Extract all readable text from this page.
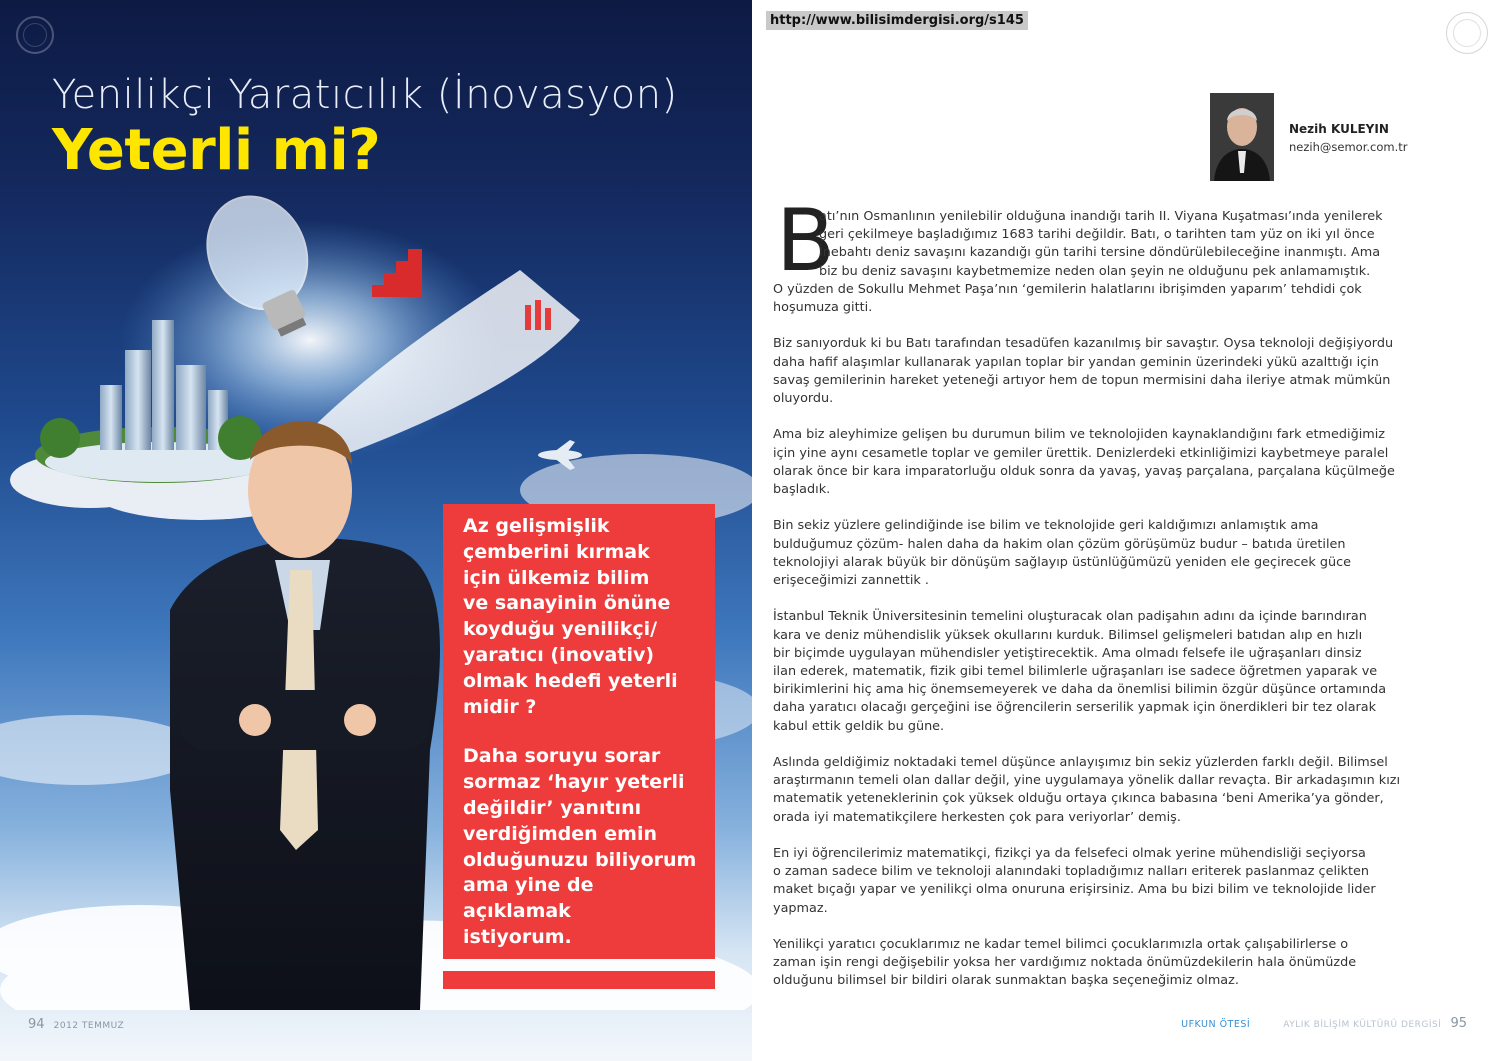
Yenilikçi Yaratıcılık (İnovasyon)
Yeterli mi?

Az gelişmişlik
çemberini kırmak
için ülkemiz bilim
ve sanayinin önüne
koyduğu yenilikçi/
yaratıcı (inovativ)
olmak hedefi yeterli
midir ?

Daha soruyu sorar
sormaz ‘hayır yeterli
değildir’ yanıtını
verdiğimden emin
olduğunuzu biliyorum
ama yine de açıklamak
istiyorum.

94 2012 TEMMUZ
http://www.bilisimdergisi.org/s145
Nezih KULEYIN
nezih@semor.com.tr
B

atı’nın Osmanlının yenilebilir olduğuna inandığı tarih II. Viyana Kuşatması’ında yenilerek
geri çekilmeye başladığımız 1683 tarihi değildir. Batı, o tarihten tam yüz on iki yıl önce
İnebahtı deniz savaşını kazandığı gün tarihi tersine döndürülebileceğine inanmıştı. Ama
biz bu deniz savaşını kaybetmemize neden olan şeyin ne olduğunu pek anlamamıştık.
O yüzden de Sokullu Mehmet Paşa’nın ‘gemilerin halatlarını ibrişimden yaparım’ tehdidi çok
hoşumuza gitti.

Biz sanıyorduk ki bu Batı tarafından tesadüfen kazanılmış bir savaştır. Oysa teknoloji değişiyordu
daha hafif alaşımlar kullanarak yapılan toplar bir yandan geminin üzerindeki yükü azalttığı için
savaş gemilerinin hareket yeteneği artıyor hem de topun mermisini daha ileriye atmak mümkün
oluyordu.

Ama biz aleyhimize gelişen bu durumun bilim ve teknolojiden kaynaklandığını fark etmediğimiz
için yine aynı cesametle toplar ve gemiler ürettik. Denizlerdeki etkinliğimizi kaybetmeye paralel
olarak önce bir kara imparatorluğu olduk sonra da yavaş, yavaş parçalana, parçalana küçülmeğe
başladık.

Bin sekiz yüzlere gelindiğinde ise bilim ve teknolojide geri kaldığımızı anlamıştık ama
bulduğumuz çözüm- halen daha da hakim olan çözüm görüşümüz budur – batıda üretilen
teknolojiyi alarak büyük bir dönüşüm sağlayıp üstünlüğümüzü yeniden ele geçirecek güce
erişeceğimizi zannettik .

İstanbul Teknik Üniversitesinin temelini oluşturacak olan padişahın adını da içinde barındıran
kara ve deniz mühendislik yüksek okullarını kurduk. Bilimsel gelişmeleri batıdan alıp en hızlı
bir biçimde uygulayan mühendisler yetiştirecektik. Ama olmadı felsefe ile uğraşanları dinsiz
ilan ederek, matematik, fizik gibi temel bilimlerle uğraşanları ise sadece öğretmen yaparak ve
birikimlerini hiç ama hiç önemsemeyerek ve daha da önemlisi bilimin özgür düşünce ortamında
daha yaratıcı olacağı gerçeğini ise öğrencilerin serserilik yapmak için önerdikleri bir tez olarak
kabul ettik geldik bu güne.

Aslında geldiğimiz noktadaki temel düşünce anlayışımız bin sekiz yüzlerden farklı değil. Bilimsel
araştırmanın temeli olan dallar değil, yine uygulamaya yönelik dallar revaçta. Bir arkadaşımın kızı
matematik yeteneklerinin çok yüksek olduğu ortaya çıkınca babasına ‘beni Amerika’ya gönder,
orada iyi matematikçilere herkesten çok para veriyorlar’ demiş.

En iyi öğrencilerimiz matematikçi, fizikçi ya da felsefeci olmak yerine mühendisliği seçiyorsa
o zaman sadece bilim ve teknoloji alanındaki topladığımız nalları eriterek paslanmaz çelikten
maket bıçağı yapar ve yenilikçi olma onuruna erişirsiniz. Ama bu bizi bilim ve teknolojide lider
yapmaz.

Yenilikçi yaratıcı çocuklarımız ne kadar temel bilimci çocuklarımızla ortak çalışabilirlerse o
zaman işin rengi değişebilir yoksa her vardığımız noktada önümüzdekilerin hala önümüzde
olduğunu bilimsel bir bildiri olarak sunmaktan başka seçeneğimiz olmaz.

UFKUN ÖTESİ	AYLIK BİLİŞİM KÜLTÜRÜ DERGİSİ 95
